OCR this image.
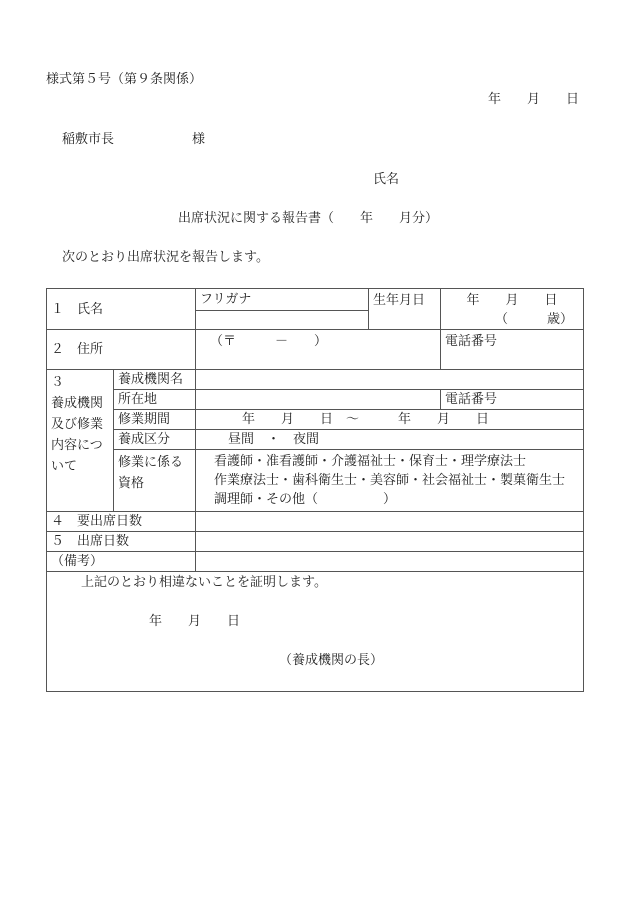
様式第５号（第９条関係）
年　　月　　日
稲敷市長　　　　　　様
氏名
出席状況に関する報告書（　　年　　月分）
次のとおり出席状況を報告します。
１　氏名		フリガナ	生年月日	年　　月　　日
（　　　歳）

２　住所		（〒　　　－　　）		電話番号

３
養成機関及び修業内容について	養成機関名			
	所在地			電話番号
	修業期間	年　　月　　日　～　　　年　　月　　日		
	養成区分	昼間　・　夜間		
	修業に係る資格	看護師・准看護師・介護福祉士・保育士・理学療法士
作業療法士・歯科衛生士・美容師・社会福祉士・製菓衛生士
調理師・その他（　　　　　）		

４　要出席日数				
５　出席日数				
（備考）				

上記のとおり相違ないことを証明します。
年　　月　　日
（養成機関の長）				
